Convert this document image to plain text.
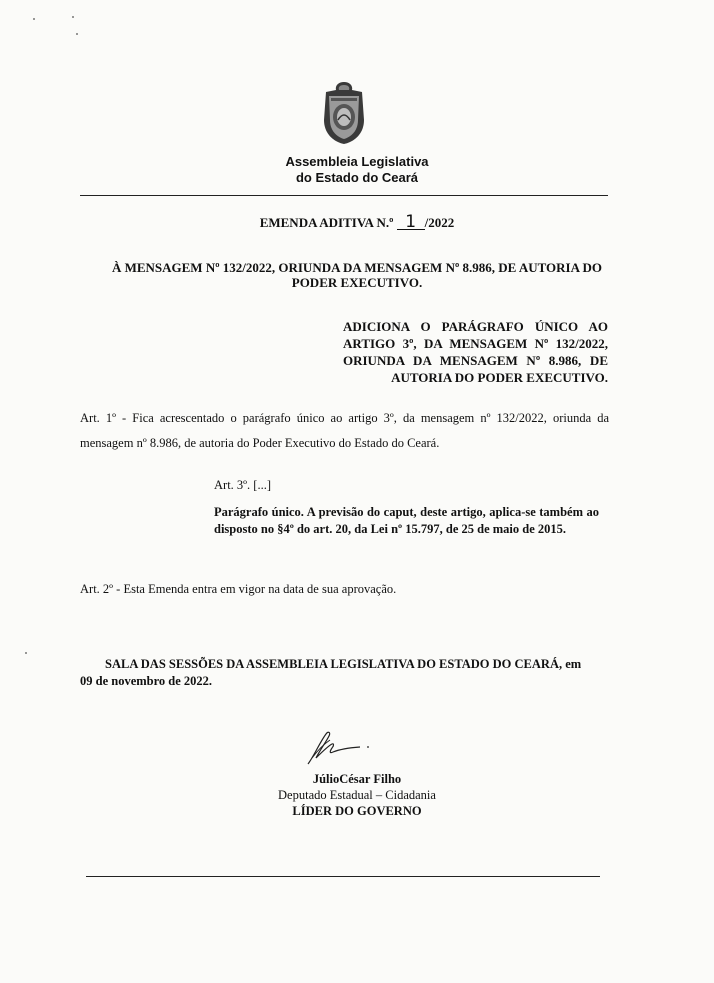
Assembleia Legislativa
do Estado do Ceará
EMENDA ADITIVA N.º 1 /2022
À MENSAGEM Nº 132/2022, ORIUNDA DA MENSAGEM Nº 8.986, DE AUTORIA DO
PODER EXECUTIVO.
ADICIONA O PARÁGRAFO ÚNICO AO
ARTIGO 3º, DA MENSAGEM Nº 132/2022,
ORIUNDA DA MENSAGEM Nº 8.986, DE
AUTORIA DO PODER EXECUTIVO.
Art. 1º - Fica acrescentado o parágrafo único ao artigo 3º, da mensagem nº 132/2022, oriunda da mensagem nº 8.986, de autoria do Poder Executivo do Estado do Ceará.
Art. 3º. [...]
Parágrafo único. A previsão do caput, deste artigo, aplica-se também ao disposto no §4º do art. 20, da Lei nº 15.797, de 25 de maio de 2015.
Art. 2º - Esta Emenda entra em vigor na data de sua aprovação.
SALA DAS SESSÕES DA ASSEMBLEIA LEGISLATIVA DO ESTADO DO CEARÁ, em
09 de novembro de 2022.
JúlioCésar Filho
Deputado Estadual – Cidadania
LÍDER DO GOVERNO
